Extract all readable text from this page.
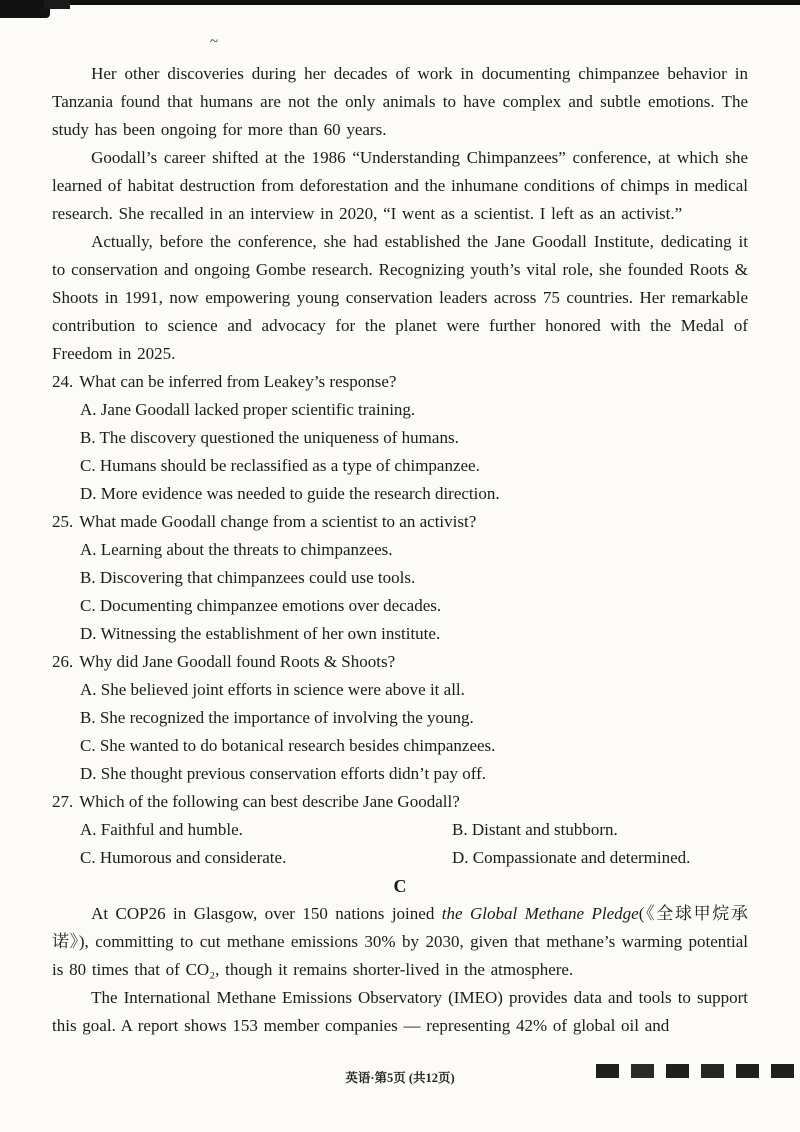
~

Her other discoveries during her decades of work in documenting chimpanzee behavior in Tanzania found that humans are not the only animals to have complex and subtle emotions. The study has been ongoing for more than 60 years.

Goodall’s career shifted at the 1986 “Understanding Chimpanzees” conference, at which she learned of habitat destruction from deforestation and the inhumane conditions of chimps in medical research. She recalled in an interview in 2020, “I went as a scientist. I left as an activist.”

Actually, before the conference, she had established the Jane Goodall Institute, dedicating it to conservation and ongoing Gombe research. Recognizing youth’s vital role, she founded Roots & Shoots in 1991, now empowering young conservation leaders across 75 countries. Her remarkable contribution to science and advocacy for the planet were further honored with the Medal of Freedom in 2025.

24. What can be inferred from Leakey’s response?
A. Jane Goodall lacked proper scientific training.
B. The discovery questioned the uniqueness of humans.
C. Humans should be reclassified as a type of chimpanzee.
D. More evidence was needed to guide the research direction.
25. What made Goodall change from a scientist to an activist?
A. Learning about the threats to chimpanzees.
B. Discovering that chimpanzees could use tools.
C. Documenting chimpanzee emotions over decades.
D. Witnessing the establishment of her own institute.
26. Why did Jane Goodall found Roots & Shoots?
A. She believed joint efforts in science were above it all.
B. She recognized the importance of involving the young.
C. She wanted to do botanical research besides chimpanzees.
D. She thought previous conservation efforts didn’t pay off.
27. Which of the following can best describe Jane Goodall?
A. Faithful and humble.	B. Distant and stubborn.
C. Humorous and considerate.	D. Compassionate and determined.
C

At COP26 in Glasgow, over 150 nations joined the Global Methane Pledge(《全球甲烷承诺》), committing to cut methane emissions 30% by 2030, given that methane’s warming potential is 80 times that of CO₂, though it remains shorter-lived in the atmosphere.

The International Methane Emissions Observatory (IMEO) provides data and tools to support this goal. A report shows 153 member companies — representing 42% of global oil and

英语·第5页 (共12页)
